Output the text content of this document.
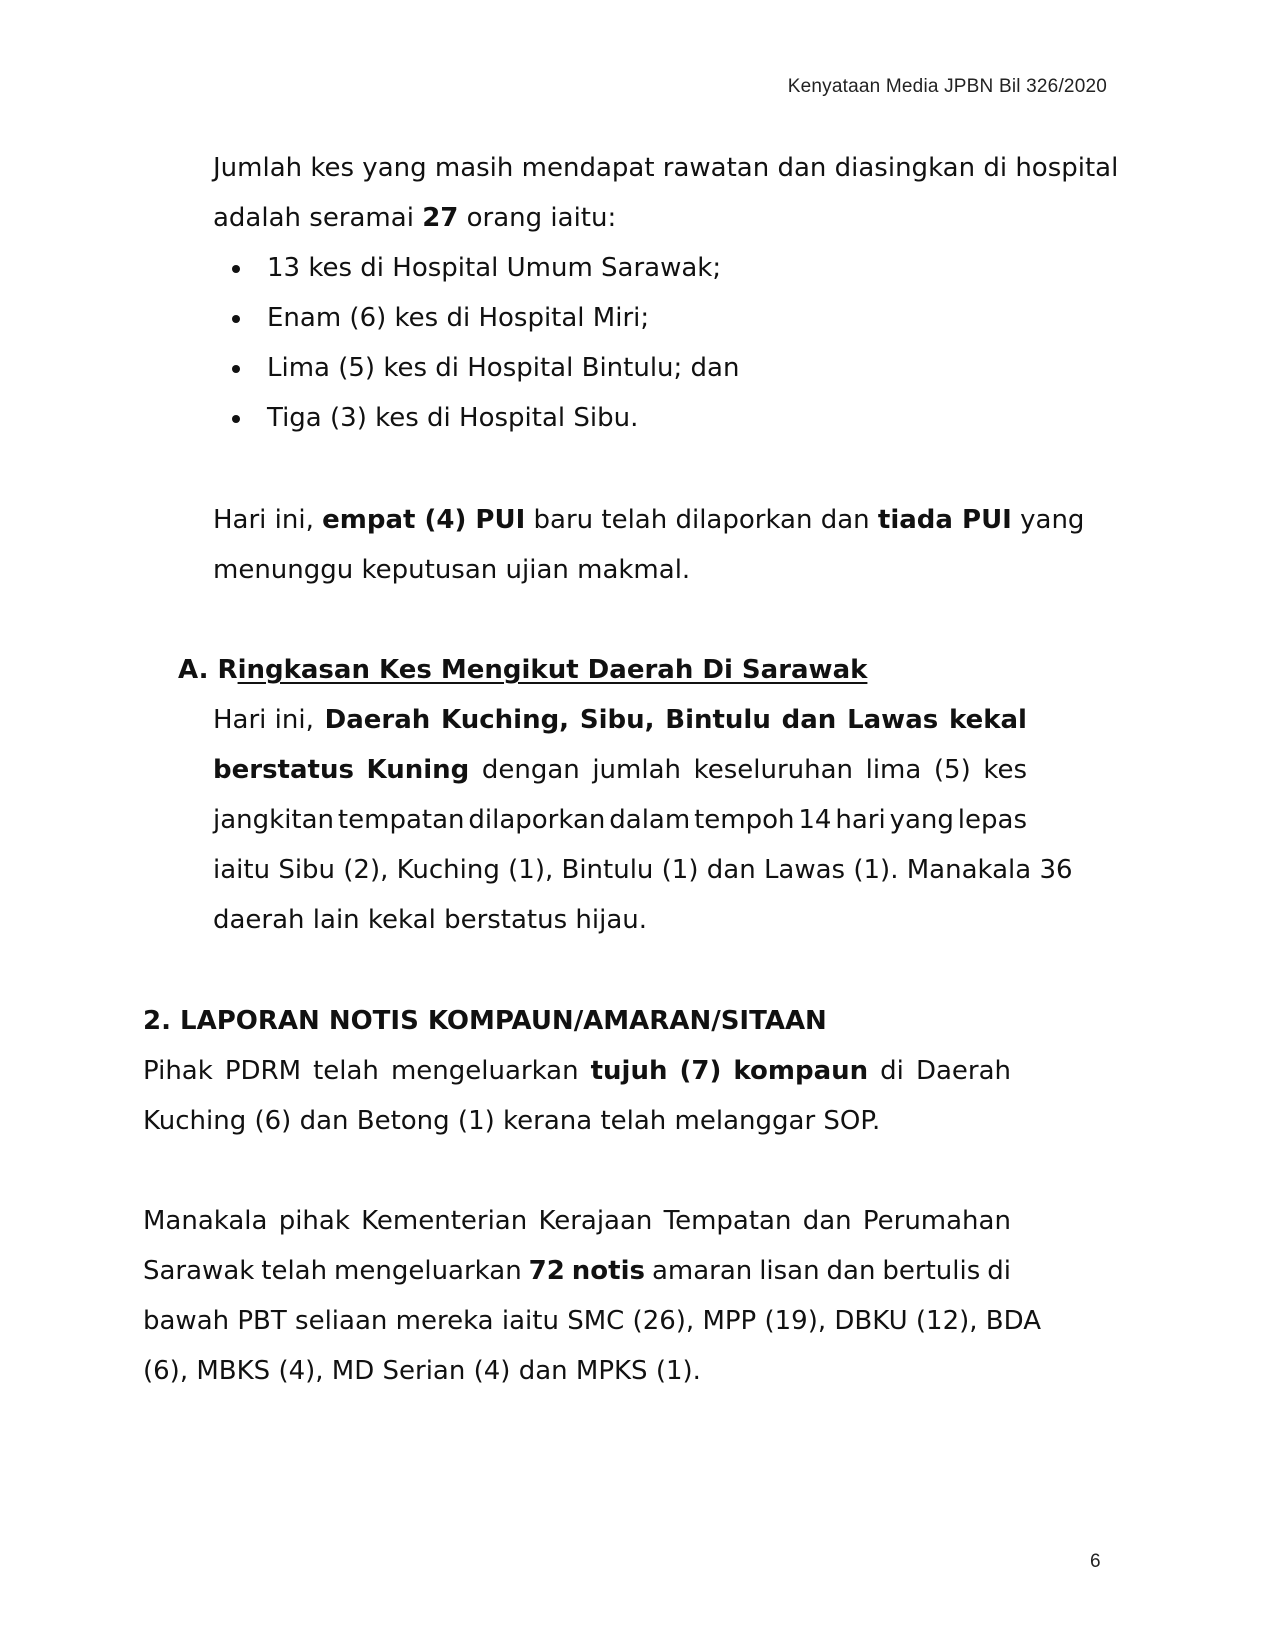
Kenyataan Media JPBN Bil 326/2020
Jumlah kes yang masih mendapat rawatan dan diasingkan di hospital
adalah seramai 27 orang iaitu:
13 kes di Hospital Umum Sarawak;
Enam (6) kes di Hospital Miri;
Lima (5) kes di Hospital Bintulu; dan
Tiga (3) kes di Hospital Sibu.
Hari ini, empat (4) PUI baru telah dilaporkan dan tiada PUI yang
menunggu keputusan ujian makmal.
A. Ringkasan Kes Mengikut Daerah Di Sarawak
Hari ini, Daerah Kuching, Sibu, Bintulu dan Lawas kekal
berstatus Kuning dengan jumlah keseluruhan lima (5) kes
jangkitan tempatan dilaporkan dalam tempoh 14 hari yang lepas
iaitu Sibu (2), Kuching (1), Bintulu (1) dan Lawas (1). Manakala 36
daerah lain kekal berstatus hijau.
2. LAPORAN NOTIS KOMPAUN/AMARAN/SITAAN
Pihak PDRM telah mengeluarkan tujuh (7) kompaun di Daerah
Kuching (6) dan Betong (1) kerana telah melanggar SOP.
Manakala pihak Kementerian Kerajaan Tempatan dan Perumahan
Sarawak telah mengeluarkan 72 notis amaran lisan dan bertulis di
bawah PBT seliaan mereka iaitu SMC (26), MPP (19), DBKU (12), BDA
(6), MBKS (4), MD Serian (4) dan MPKS (1).
6
